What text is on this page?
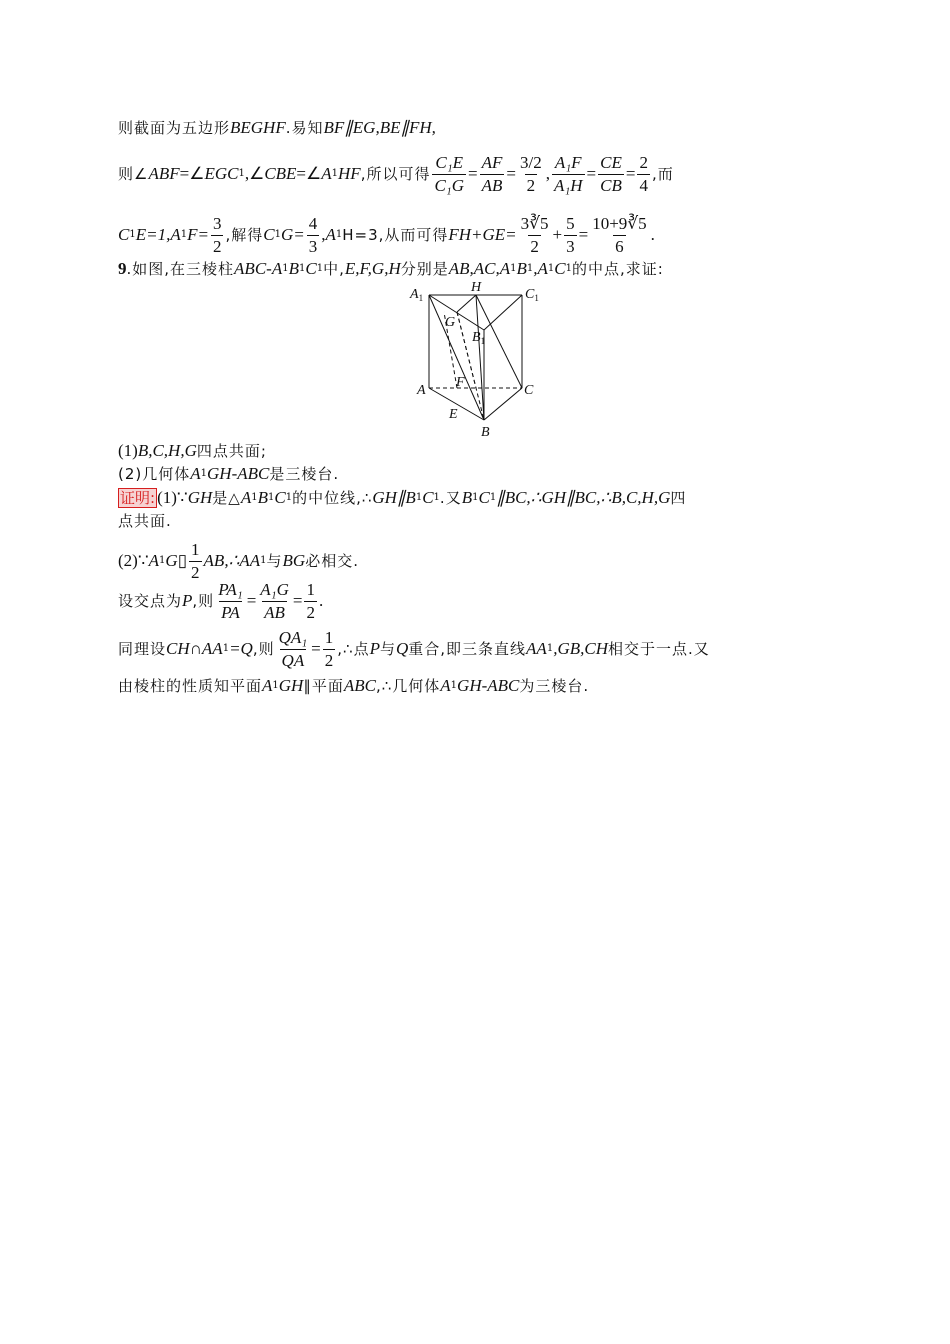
则截面为五边形 BEGHF .易知 BF∥EG,BE∥FH,
则∠ ABF =∠ EGC 1 ,∠ CBE =∠ A 1 HF ,所以可得 $\frac{\text{C₁E}}{\text{C₁G}} = \frac{AF}{AB} = \frac{3/2}{2}$ , $\frac{\text{A₁F}}{\text{A₁H}} = \frac{CE}{CB} = \frac{2}{4}$ ,而
C 1 E=1, A 1 $F= \frac{3}{2}$ ,解得 C 1 $G= \frac{4}{3}$ , A 1 H=3,从而可得 $FH+GE= \frac{3∛5}{2} + \frac{5}{3} = \frac{10+9∛5}{6}$ .
9 .如图,在三棱柱 ABC-A 1 B 1 C 1 中, E,F,G,H 分别是 AB,AC,A 1 B 1 ,A 1 C 1 的中点,求证:
$A_1$
H	$C_1$
G
$B_1$
A
F
C
E
B
(1) B,C,H,G 四点共面;
(2)几何体 A 1 GH-ABC 是三棱台.
证明: (1)∵ GH 是△ A 1 B 1 C 1 的中位线,∴ GH∥B 1 C 1 .又 B 1 C 1 ∥BC,∴GH∥BC,∴B,C,H,G 四
点共面.
(2)∵ A 1 G ▯ $\frac{1}{2}$ AB,∴AA 1 与 BG 必相交.
设交点为 P ,则 $\frac{\text{PA₁}}{PA} = \frac{\text{A₁G}}{AB} = \frac{1}{2}$ .
同理设 CH∩AA 1 =Q ,则 $\frac{\text{QA₁}}{QA} = \frac{1}{2}$ ,∴点 P 与 Q 重合,即三条直线 AA 1 ,GB,CH 相交于一点.又
由棱柱的性质知平面 A 1 GH ∥平面 ABC ,∴几何体 A 1 GH-ABC 为三棱台.
